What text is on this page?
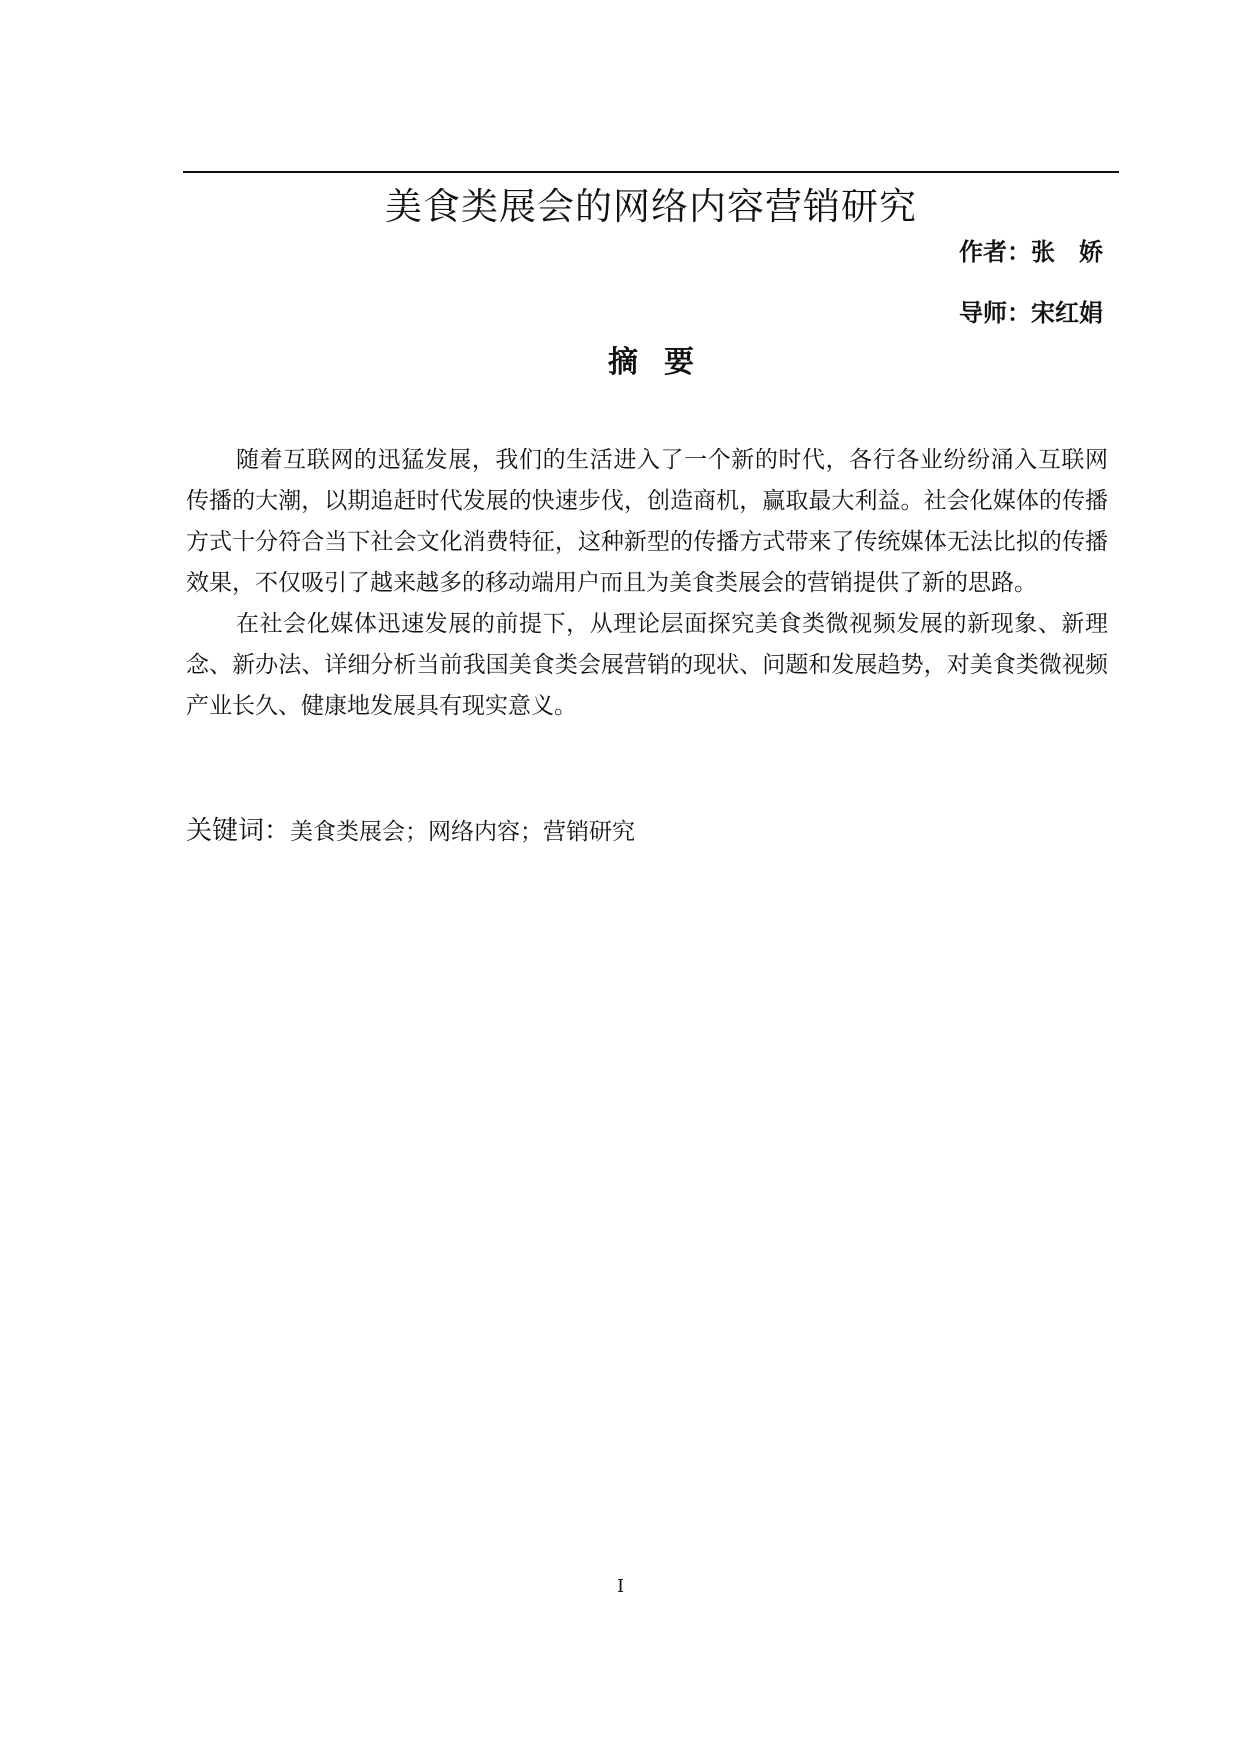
美食类展会的网络内容营销研究
作者：张娇
导师：宋红娟
摘要

随着互联网的迅猛发展，我们的生活进入了一个新的时代，各行各业纷纷涌入互联网传播的大潮，以期追赶时代发展的快速步伐，创造商机，赢取最大利益。社会化媒体的传播方式十分符合当下社会文化消费特征，这种新型的传播方式带来了传统媒体无法比拟的传播效果，不仅吸引了越来越多的移动端用户而且为美食类展会的营销提供了新的思路。

在社会化媒体迅速发展的前提下，从理论层面探究美食类微视频发展的新现象、新理念、新办法、详细分析当前我国美食类会展营销的现状、问题和发展趋势，对美食类微视频产业长久、健康地发展具有现实意义。

关键词：美食类展会；网络内容；营销研究
I
